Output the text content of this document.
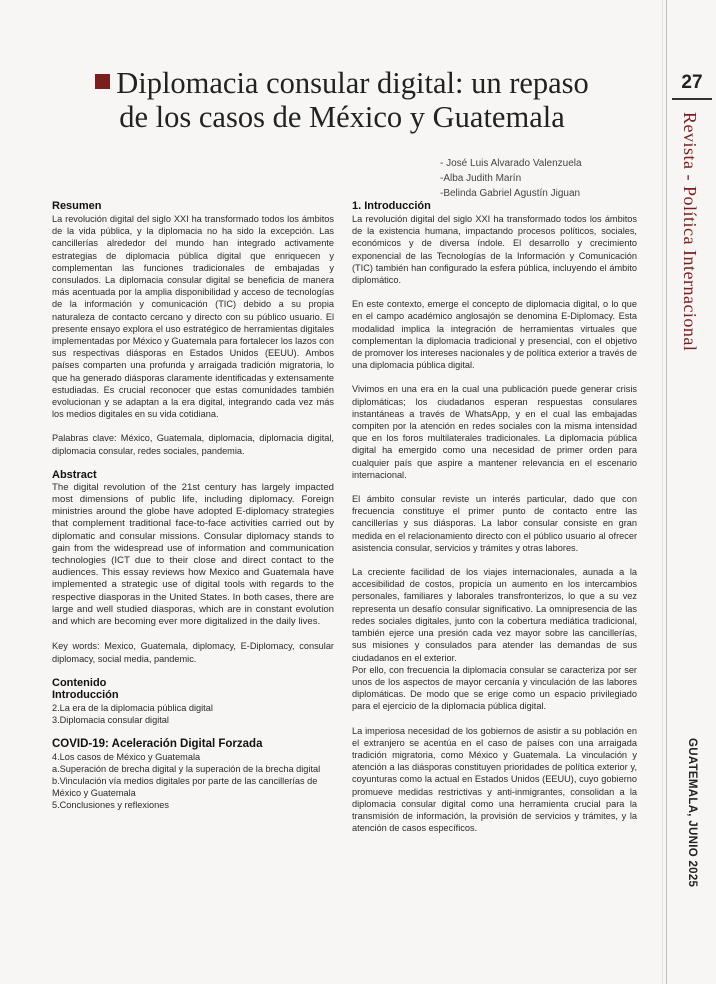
Diplomacia consular digital: un repaso
de los casos de México y Guatemala
- José Luis Alvarado Valenzuela
-Alba Judith Marín
-Belinda Gabriel Agustín Jiguan
Resumen

La revolución digital del siglo XXI ha transformado todos los ámbitos de la vida pública, y la diplomacia no ha sido la excepción. Las cancillerías alrededor del mundo han integrado activamente estrategias de diplomacia pública digital que enriquecen y complementan las funciones tradicionales de embajadas y consulados. La diplomacia consular digital se beneficia de manera más acentuada por la amplia disponibilidad y acceso de tecnologías de la información y comunicación (TIC) debido a su propia naturaleza de contacto cercano y directo con su público usuario. El presente ensayo explora el uso estratégico de herramientas digitales implementadas por México y Guatemala para fortalecer los lazos con sus respectivas diásporas en Estados Unidos (EEUU). Ambos países comparten una profunda y arraigada tradición migratoria, lo que ha generado diásporas claramente identificadas y extensamente estudiadas. Es crucial reconocer que estas comunidades también evolucionan y se adaptan a la era digital, integrando cada vez más los medios digitales en su vida cotidiana.

Palabras clave: México, Guatemala, diplomacia, diplomacia digital, diplomacia consular, redes sociales, pandemia.

Abstract

The digital revolution of the 21st century has largely impacted most dimensions of public life, including diplomacy. Foreign ministries around the globe have adopted E-diplomacy strategies that complement traditional face-to-face activities carried out by diplomatic and consular missions. Consular diplomacy stands to gain from the widespread use of information and communication technologies (ICT due to their close and direct contact to the audiences. This essay reviews how Mexico and Guatemala have implemented a strategic use of digital tools with regards to the respective diasporas in the United States. In both cases, there are large and well studied diasporas, which are in constant evolution and which are becoming ever more digitalized in the daily lives.

Key words: Mexico, Guatemala, diplomacy, E-Diplomacy, consular diplomacy, social media, pandemic.

Contenido
Introducción
2.La era de la diplomacia pública digital
3.Diplomacia consular digital
COVID-19: Aceleración Digital Forzada
4.Los casos de México y Guatemala
a.Superación de brecha digital y la superación de la brecha digital
b.Vinculación vía medios digitales por parte de las cancillerías de México y Guatemala
5.Conclusiones y reflexiones
1. Introducción

La revolución digital del siglo XXI ha transformado todos los ámbitos de la existencia humana, impactando procesos políticos, sociales, económicos y de diversa índole. El desarrollo y crecimiento exponencial de las Tecnologías de la Información y Comunicación (TIC) también han configurado la esfera pública, incluyendo el ámbito diplomático.

En este contexto, emerge el concepto de diplomacia digital, o lo que en el campo académico anglosajón se denomina E-Diplomacy. Esta modalidad implica la integración de herramientas virtuales que complementan la diplomacia tradicional y presencial, con el objetivo de promover los intereses nacionales y de política exterior a través de una diplomacia pública digital.

Vivimos en una era en la cual una publicación puede generar crisis diplomáticas; los ciudadanos esperan respuestas consulares instantáneas a través de WhatsApp, y en el cual las embajadas compiten por la atención en redes sociales con la misma intensidad que en los foros multilaterales tradicionales. La diplomacia pública digital ha emergido como una necesidad de primer orden para cualquier país que aspire a mantener relevancia en el escenario internacional.

El ámbito consular reviste un interés particular, dado que con frecuencia constituye el primer punto de contacto entre las cancillerías y sus diásporas. La labor consular consiste en gran medida en el relacionamiento directo con el público usuario al ofrecer asistencia consular, servicios y trámites y otras labores.

La creciente facilidad de los viajes internacionales, aunada a la accesibilidad de costos, propicia un aumento en los intercambios personales, familiares y laborales transfronterizos, lo que a su vez representa un desafío consular significativo. La omnipresencia de las redes sociales digitales, junto con la cobertura mediática tradicional, también ejerce una presión cada vez mayor sobre las cancillerías, sus misiones y consulados para atender las demandas de sus ciudadanos en el exterior.

Por ello, con frecuencia la diplomacia consular se caracteriza por ser unos de los aspectos de mayor cercanía y vinculación de las labores diplomáticas. De modo que se erige como un espacio privilegiado para el ejercicio de la diplomacia pública digital.

La imperiosa necesidad de los gobiernos de asistir a su población en el extranjero se acentúa en el caso de países con una arraigada tradición migratoria, como México y Guatemala. La vinculación y atención a las diásporas constituyen prioridades de política exterior y, coyunturas como la actual en Estados Unidos (EEUU), cuyo gobierno promueve medidas restrictivas y anti-inmigrantes, consolidan a la diplomacia consular digital como una herramienta crucial para la transmisión de información, la provisión de servicios y trámites, y la atención de casos específicos.

27
Revista - Política Internacional
GUATEMALA, JUNIO 2025
